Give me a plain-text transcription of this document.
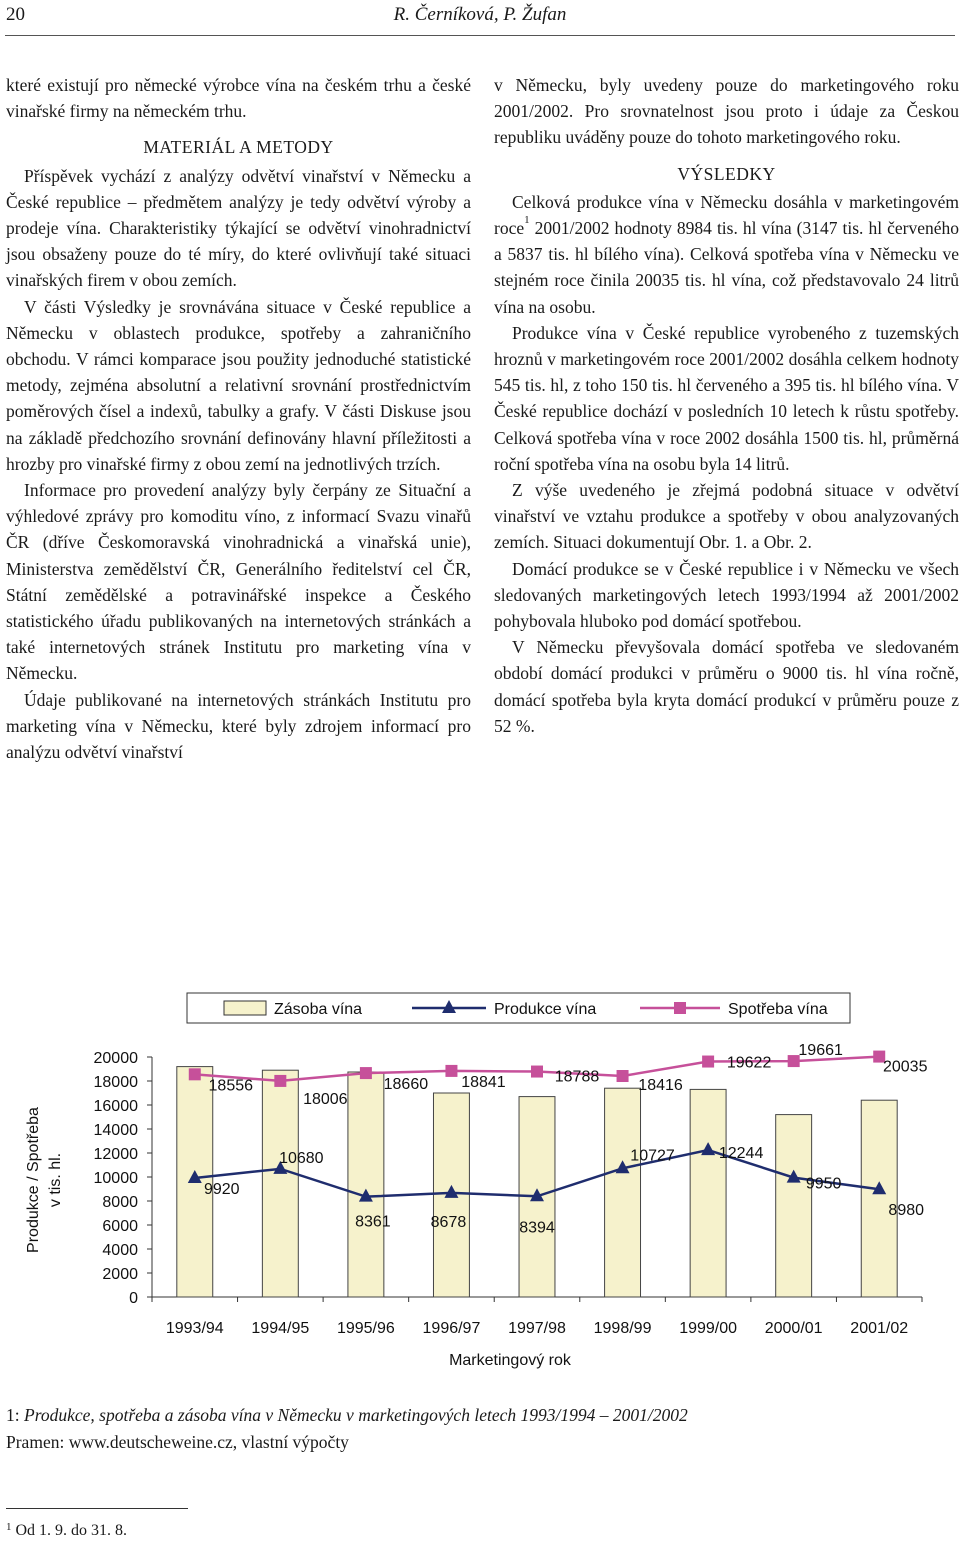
20	R. Černíková, P. Žufan

které existují pro německé výrobce vína na českém trhu a české vinařské firmy na německém trhu.

MATERIÁL A METODY

Příspěvek vychází z analýzy odvětví vinařství v Německu a České republice – předmětem analýzy je tedy odvětví výroby a prodeje vína. Charakteristiky týkající se odvětví vinohradnictví jsou obsaženy pouze do té míry, do které ovlivňují také situaci vinařských firem v obou zemích.

V části Výsledky je srovnávána situace v České republice a Německu v oblastech produkce, spotřeby a zahraničního obchodu. V rámci komparace jsou použity jednoduché statistické metody, zejména absolutní a relativní srovnání prostřednictvím poměrových čísel a indexů, tabulky a grafy. V části Diskuse jsou na základě předchozího srovnání definovány hlavní příležitosti a hrozby pro vinařské firmy z obou zemí na jednotlivých trzích.

Informace pro provedení analýzy byly čerpány ze Situační a výhledové zprávy pro komoditu víno, z informací Svazu vinařů ČR (dříve Českomoravská vinohradnická a vinařská unie), Ministerstva zemědělství ČR, Generálního ředitelství cel ČR, Státní zemědělské a potravinářské inspekce a Českého statistického úřadu publikovaných na internetových stránkách a také internetových stránek Institutu pro marketing vína v Německu.

Údaje publikované na internetových stránkách Institutu pro marketing vína v Německu, které byly zdrojem informací pro analýzu odvětví vinařství

v Německu, byly uvedeny pouze do marketingového roku 2001/2002. Pro srovnatelnost jsou proto i údaje za Českou republiku uváděny pouze do tohoto marketingového roku.

VÝSLEDKY

Celková produkce vína v Německu dosáhla v marketingovém roce$^1$ 2001/2002 hodnoty 8984 tis. hl vína (3147 tis. hl červeného a 5837 tis. hl bílého vína). Celková spotřeba vína v Německu ve stejném roce činila 20035 tis. hl vína, což představovalo 24 litrů vína na osobu.

Produkce vína v České republice vyrobeného z tuzemských hroznů v marketingovém roce 2001/2002 dosáhla celkem hodnoty 545 tis. hl, z toho 150 tis. hl červeného a 395 tis. hl bílého vína. V České republice dochází v posledních 10 letech k růstu spotřeby. Celková spotřeba vína v roce 2002 dosáhla 1500 tis. hl, průměrná roční spotřeba vína na osobu byla 14 litrů.

Z výše uvedeného je zřejmá podobná situace v odvětví vinařství ve vztahu produkce a spotřeby v obou analyzovaných zemích. Situaci dokumentují Obr. 1. a Obr. 2.

Domácí produkce se v České republice i v Německu ve všech sledovaných marketingových letech 1993/1994 až 2001/2002 pohybovala hluboko pod domácí spotřebou.

V Německu převyšovala domácí spotřeba ve sledovaném období domácí produkci v průměru o 9000 tis. hl vína ročně, domácí spotřeba byla kryta domácí produkcí v průměru pouze z 52 %.

Zásoba vína	Produkce vína	Spotřeba vína
Produkce / Spotřeba v tis. hl.
18556
18006
18660 18841	18788 18416
19622
19661
20035
9920
10680
8361 8678	8394
10727	12244
9950
8980
0
2000
4000
6000
8000
10000
12000
14000
16000
18000
20000
1993/94 1994/95 1995/96 1996/97 1997/98 1998/99 1999/00 2000/01 2001/02
Marketingový rok
1: Produkce, spotřeba a zásoba vína v Německu v marketingových letech 1993/1994 – 2001/2002
Pramen: www.deutscheweine.cz, vlastní výpočty
$^1$ Od 1. 9. do 31. 8.
